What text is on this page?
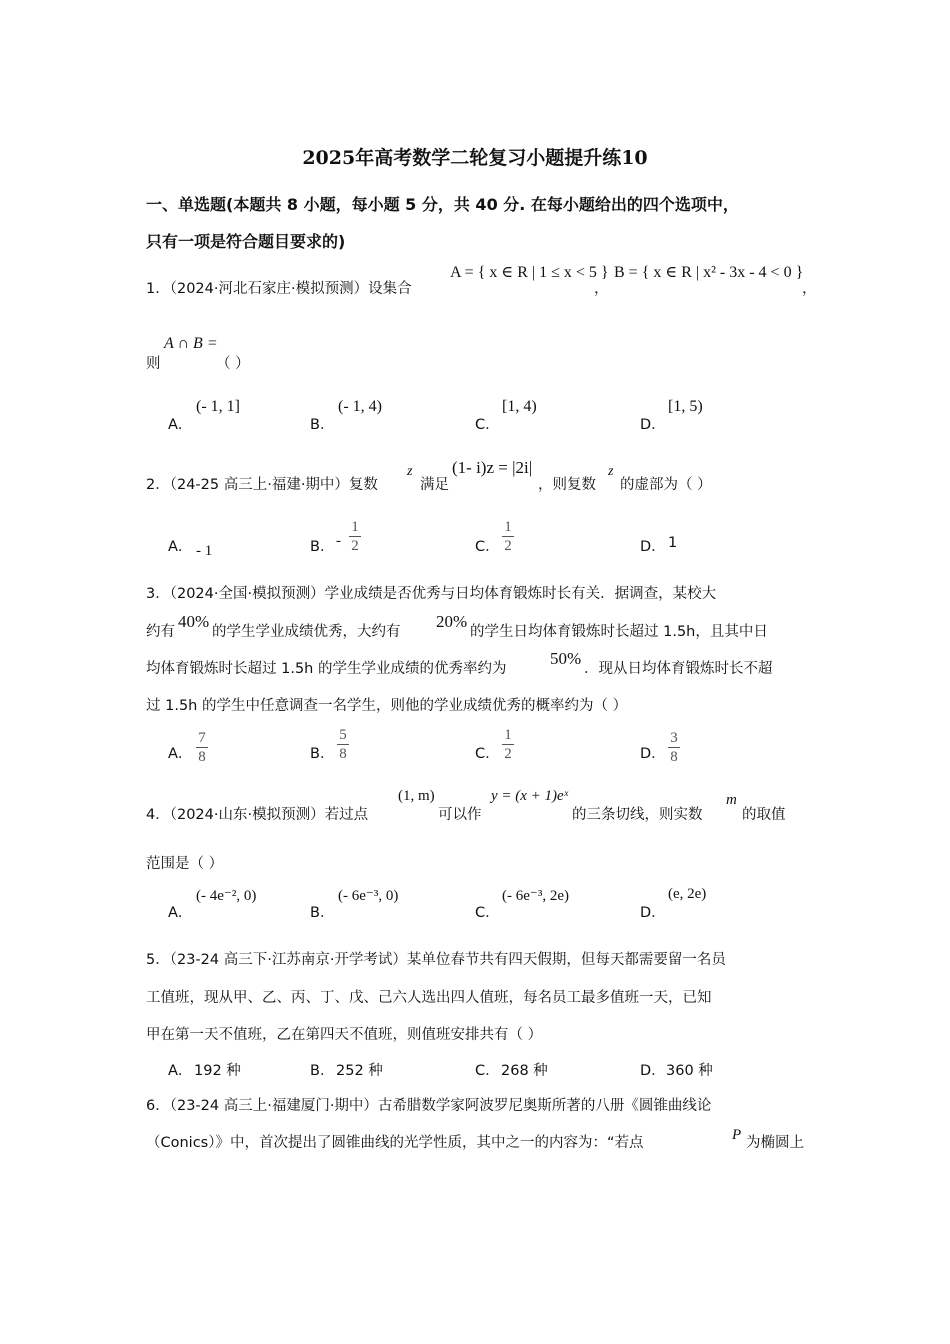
2025年高考数学二轮复习小题提升练10
一、单选题(本题共 8 小题，每小题 5 分，共 40 分. 在每小题给出的四个选项中，
只有一项是符合题目要求的)
1．（2024·河北石家庄·模拟预测）设集合
A = { x ∈ R | 1 ≤ x < 5 }
，
B = { x ∈ R | x² - 3x - 4 < 0 }
，
A ∩ B =
则	（ ）
A．
(- 1, 1]
B．
(- 1, 4)
C．
[1, 4)
D．
[1, 5)
2．（24-25 高三上·福建·期中）复数
z
满足
(1- i)z = |2i|
，则复数
z
的虚部为（ ）
A． - 1	B． -
1
2	C．
1
2	D． 1
3．（2024·全国·模拟预测）学业成绩是否优秀与日均体育锻炼时长有关．据调查，某校大
约有
40%
的学生学业成绩优秀，大约有
20%
的学生日均体育锻炼时长超过 1.5h，且其中日
均体育锻炼时长超过 1.5h 的学生学业成绩的优秀率约为
50%
．现从日均体育锻炼时长不超
过 1.5h 的学生中任意调查一名学生，则他的学业成绩优秀的概率约为（ ）
A．
7
8	B．
5
8	C．
1
2	D．
3
8
4．（2024·山东·模拟预测）若过点
(1, m)
可以作
y = (x + 1)eˣ
的三条切线，则实数
m
的取值
范围是（ ）
A．
(- 4e⁻², 0)
B．
(- 6e⁻³, 0)
C．
(- 6e⁻³, 2e)
D．
(e, 2e)
5．（23-24 高三下·江苏南京·开学考试）某单位春节共有四天假期，但每天都需要留一名员
工值班，现从甲、乙、丙、丁、戊、己六人选出四人值班，每名员工最多值班一天，已知
甲在第一天不值班，乙在第四天不值班，则值班安排共有（ ）
A． 192 种	B． 252 种	C． 268 种	D． 360 种
6．（23-24 高三上·福建厦门·期中）古希腊数学家阿波罗尼奥斯所著的八册《圆锥曲线论
（Conics）》中，首次提出了圆锥曲线的光学性质，其中之一的内容为：“若点	P 为椭圆上
